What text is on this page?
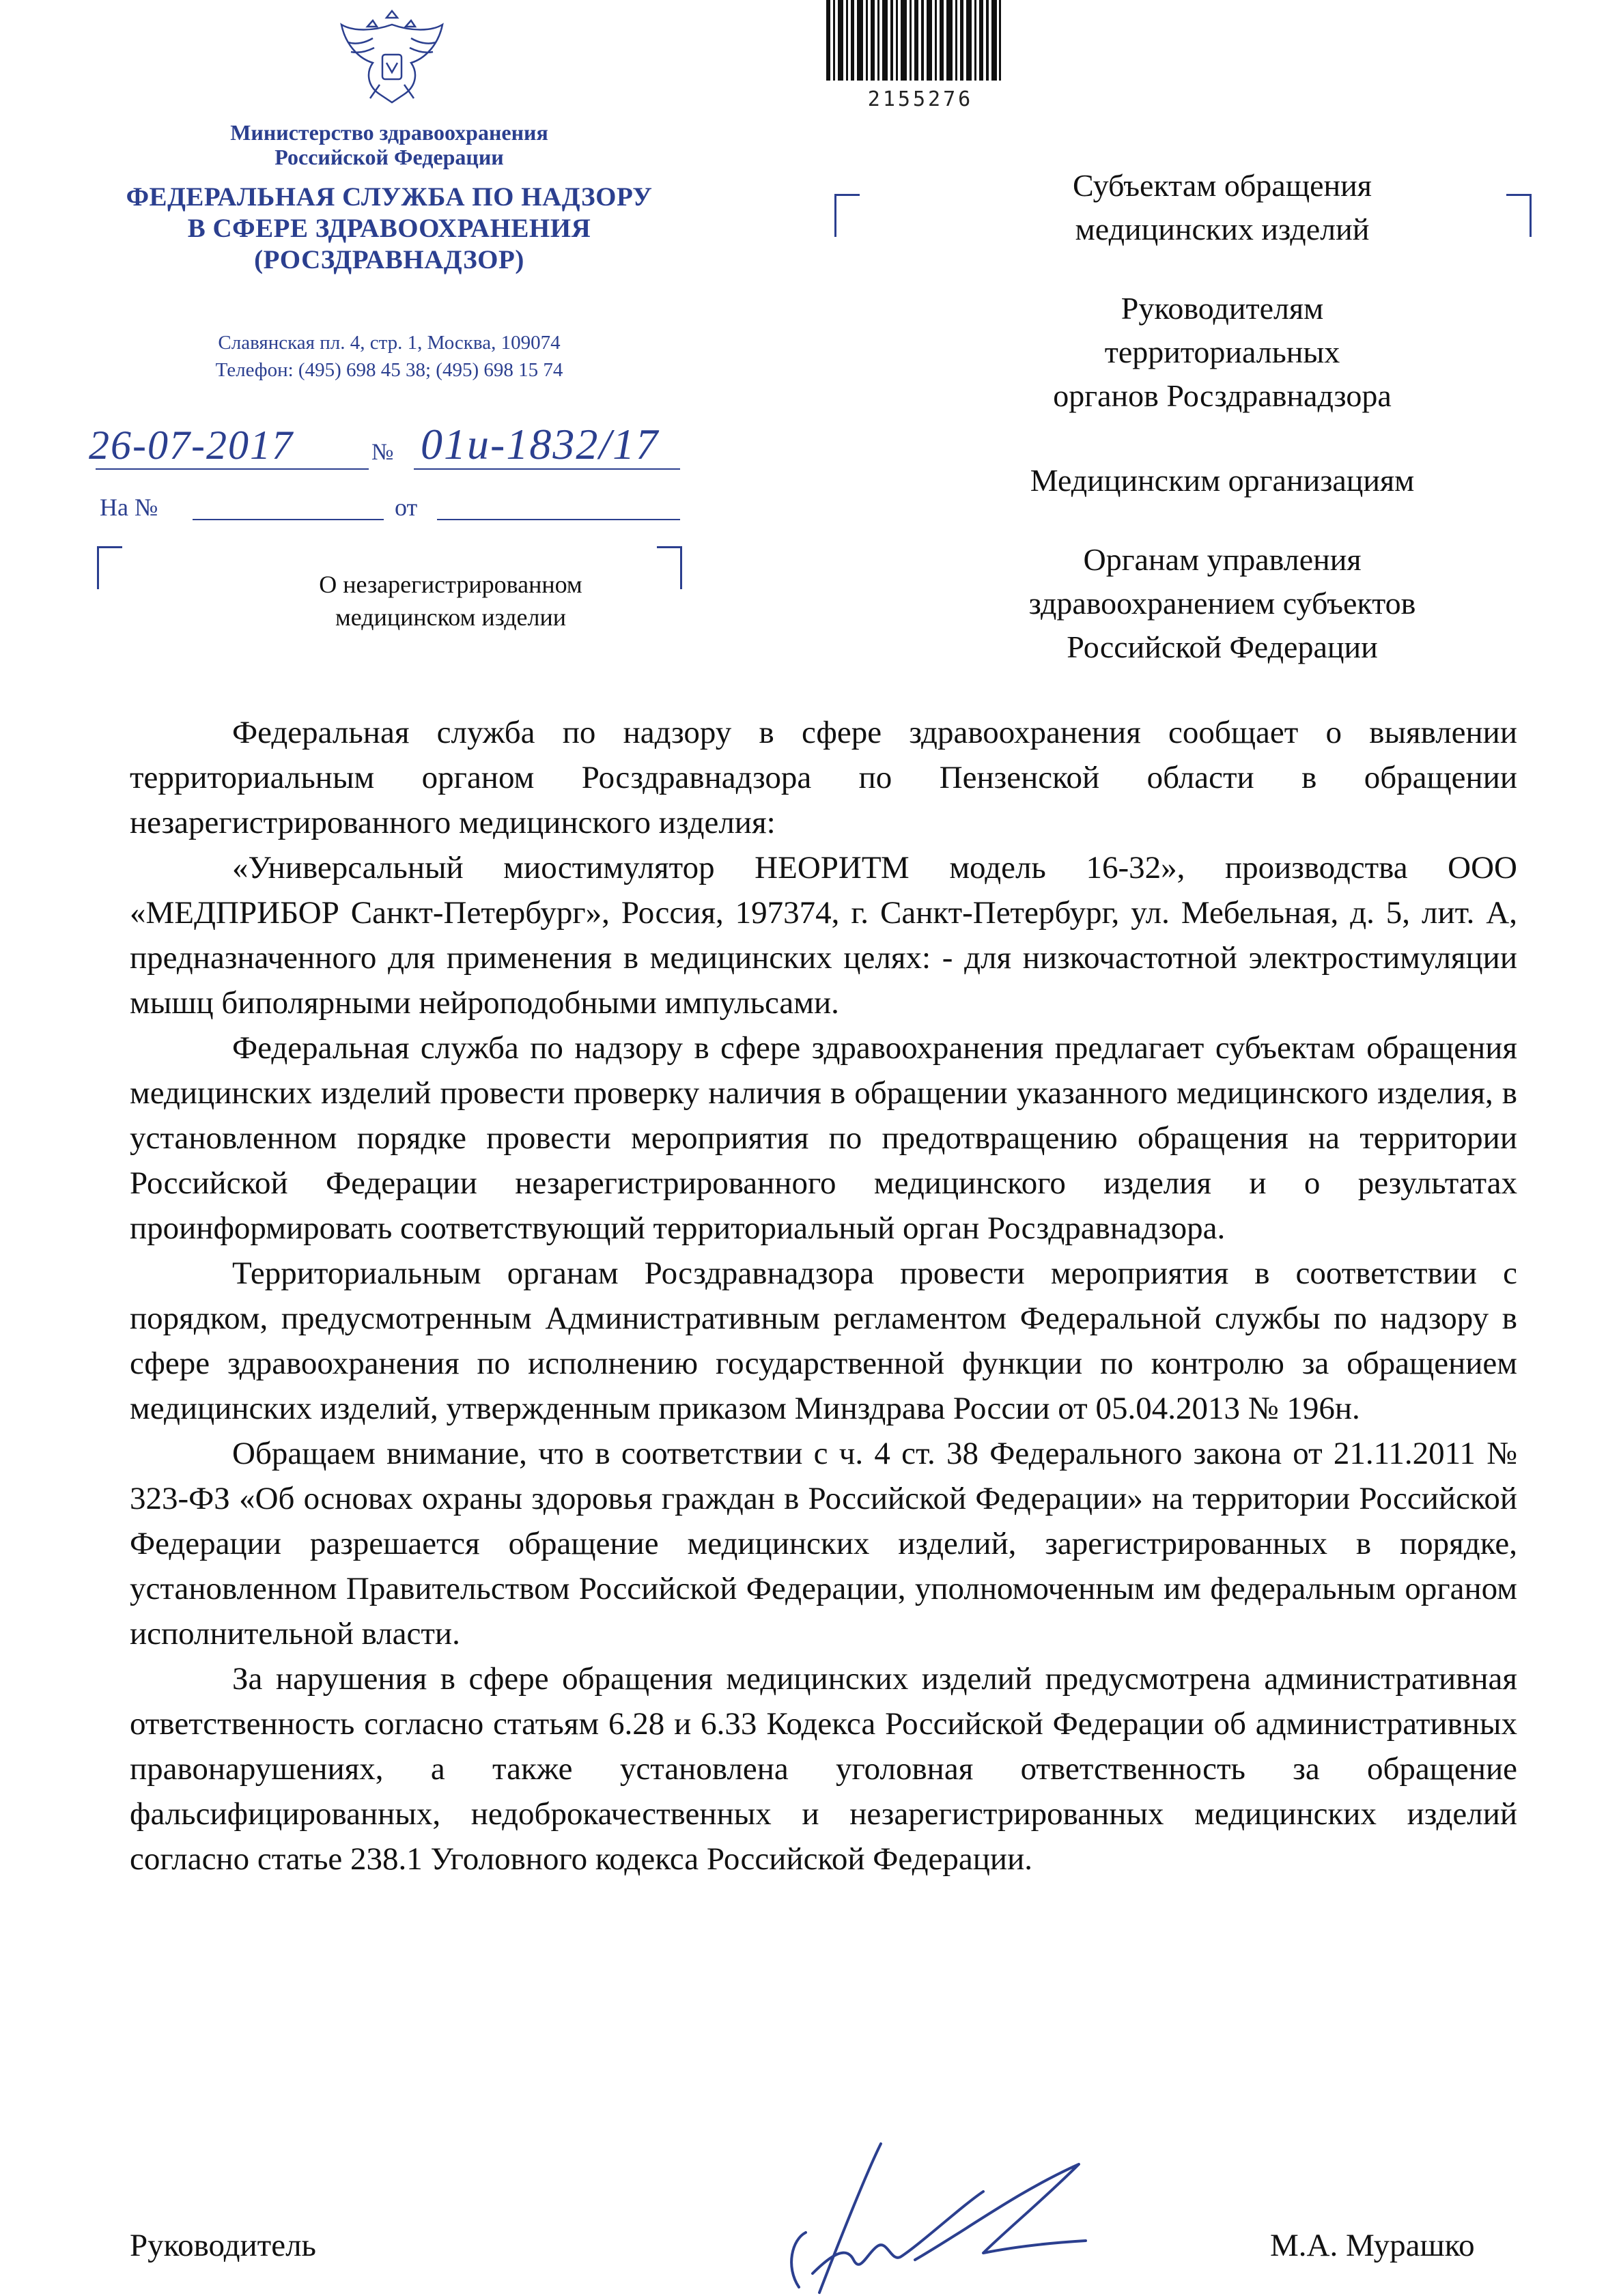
Министерство здравоохранения
Российской Федерации
ФЕДЕРАЛЬНАЯ СЛУЖБА ПО НАДЗОРУ
В СФЕРЕ ЗДРАВООХРАНЕНИЯ
(РОСЗДРАВНАДЗОР)
Славянская пл. 4, стр. 1, Москва, 109074
Телефон: (495) 698 45 38; (495) 698 15 74
26-07-2017	№ 01и-1832/17
На №	от
О незарегистрированном
медицинском изделии
2155276
Субъектам обращения
медицинских изделий
Руководителям
территориальных
органов Росздравнадзора
Медицинским организациям
Органам управления
здравоохранением субъектов
Российской Федерации

Федеральная служба по надзору в сфере здравоохранения сообщает о выявлении территориальным органом Росздравнадзора по Пензенской области в обращении незарегистрированного медицинского изделия:

«Универсальный миостимулятор НЕОРИТМ модель 16-32», производства ООО «МЕДПРИБОР Санкт-Петербург», Россия, 197374, г. Санкт-Петербург, ул. Мебельная, д. 5, лит. А, предназначенного для применения в медицинских целях: - для низкочастотной электростимуляции мышц биполярными нейроподобными импульсами.

Федеральная служба по надзору в сфере здравоохранения предлагает субъектам обращения медицинских изделий провести проверку наличия в обращении указанного медицинского изделия, в установленном порядке провести мероприятия по предотвращению обращения на территории Российской Федерации незарегистрированного медицинского изделия и о результатах проинформировать соответствующий территориальный орган Росздравнадзора.

Территориальным органам Росздравнадзора провести мероприятия в соответствии с порядком, предусмотренным Административным регламентом Федеральной службы по надзору в сфере здравоохранения по исполнению государственной функции по контролю за обращением медицинских изделий, утвержденным приказом Минздрава России от 05.04.2013 № 196н.

Обращаем внимание, что в соответствии с ч. 4 ст. 38 Федерального закона от 21.11.2011 № 323-ФЗ «Об основах охраны здоровья граждан в Российской Федерации» на территории Российской Федерации разрешается обращение медицинских изделий, зарегистрированных в порядке, установленном Правительством Российской Федерации, уполномоченным им федеральным органом исполнительной власти.

За нарушения в сфере обращения медицинских изделий предусмотрена административная ответственность согласно статьям 6.28 и 6.33 Кодекса Российской Федерации об административных правонарушениях, а также установлена уголовная ответственность за обращение фальсифицированных, недоброкачественных и незарегистрированных медицинских изделий согласно статье 238.1 Уголовного кодекса Российской Федерации.

Руководитель	М.А. Мурашко
